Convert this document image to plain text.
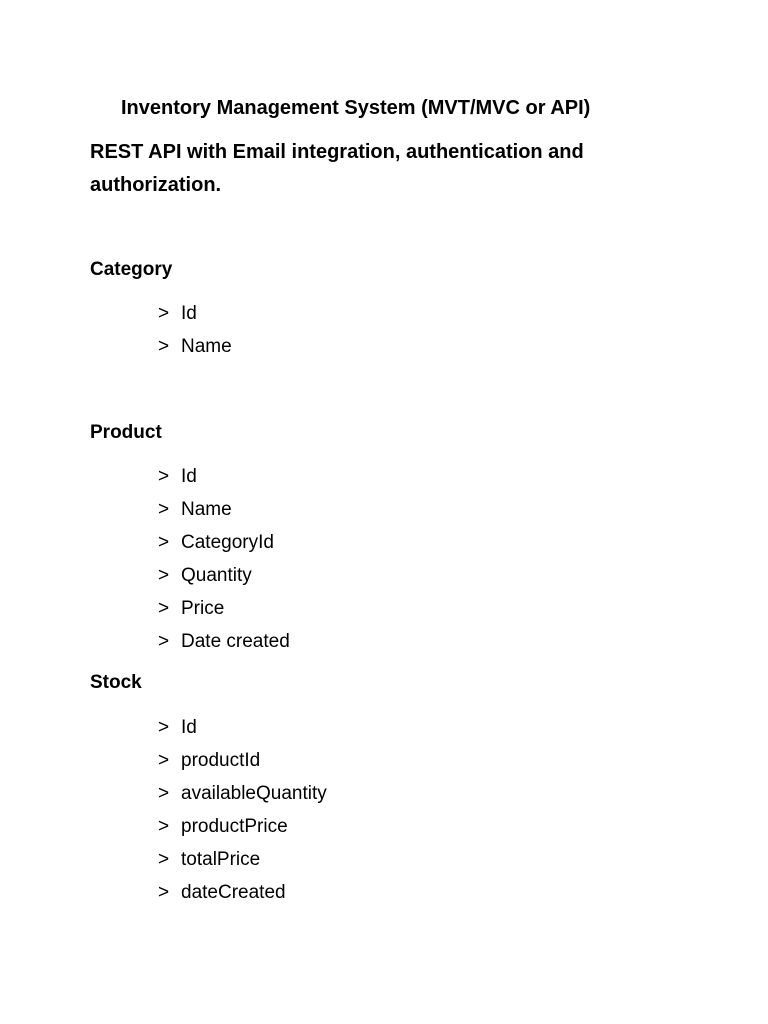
Inventory Management System (MVT/MVC or API)
REST API with Email integration, authentication and authorization.
Category
> Id
> Name
Product
> Id
> Name
> CategoryId
> Quantity
> Price
> Date created
Stock
> Id
> productId
> availableQuantity
> productPrice
> totalPrice
> dateCreated
